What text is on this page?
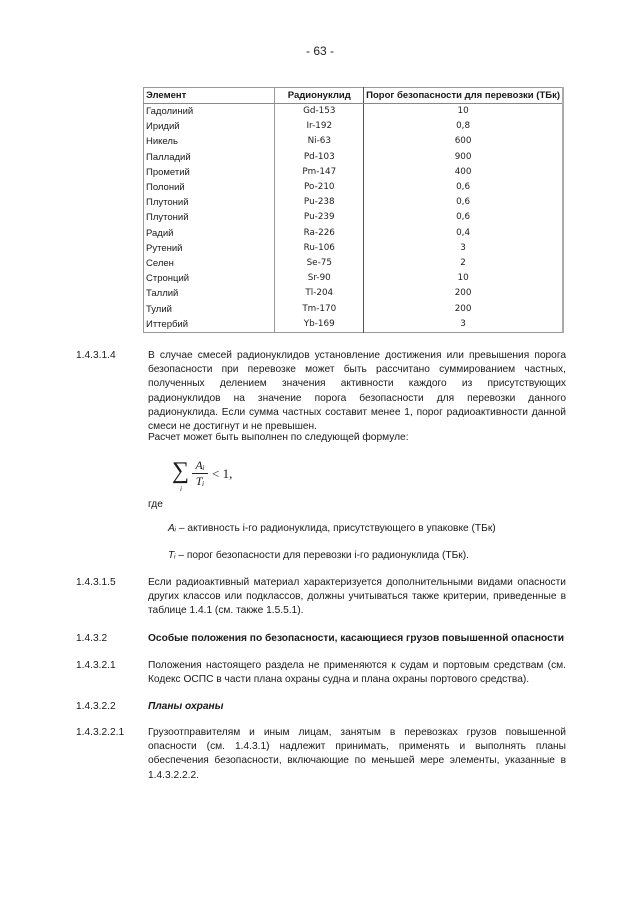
- 63 -
Элемент	Радионуклид	Порог безопасности для перевозки (ТБк)
Гадолиний	Gd-153	10
Иридий	Ir-192	0,8
Никель	Ni-63	600
Палладий	Pd-103	900
Прометий	Pm-147	400
Полоний	Po-210	0,6
Плутоний	Pu-238	0,6
Плутоний	Pu-239	0,6
Радий	Ra-226	0,4
Рутений	Ru-106	3
Селен	Se-75	2
Стронций	Sr-90	10
Таллий	Tl-204	200
Тулий	Tm-170	200
Иттербий	Yb-169	3
1.4.3.1.4	В случае смесей радионуклидов установление достижения или превышения порога безопасности при перевозке может быть рассчитано суммированием частных, полученных делением значения активности каждого из присутствующих радионуклидов на значение порога безопасности для перевозки данного радионуклида. Если сумма частных составит менее 1, порог радиоактивности данной смеси не достигнут и не превышен.
Расчет может быть выполнен по следующей формуле:
∑
i $\frac{\text{Aᵢ}}{\text{Tᵢ}} < 1$,
где
Aᵢ – активность i-го радионуклида, присутствующего в упаковке (ТБк)
Tᵢ – порог безопасности для перевозки i-го радионуклида (ТБк).
1.4.3.1.5	Если радиоактивный материал характеризуется дополнительными видами опасности других классов или подклассов, должны учитываться также критерии, приведенные в таблице 1.4.1 (см. также 1.5.5.1).
1.4.3.2	Особые положения по безопасности, касающиеся грузов повышенной опасности
1.4.3.2.1	Положения настоящего раздела не применяются к судам и портовым средствам (см. Кодекс ОСПС в части плана охраны судна и плана охраны портового средства).
1.4.3.2.2	Планы охраны
1.4.3.2.2.1 Грузоотправителям и иным лицам, занятым в перевозках грузов повышенной опасности (см. 1.4.3.1) надлежит принимать, применять и выполнять планы обеспечения безопасности, включающие по меньшей мере элементы, указанные в 1.4.3.2.2.2.
